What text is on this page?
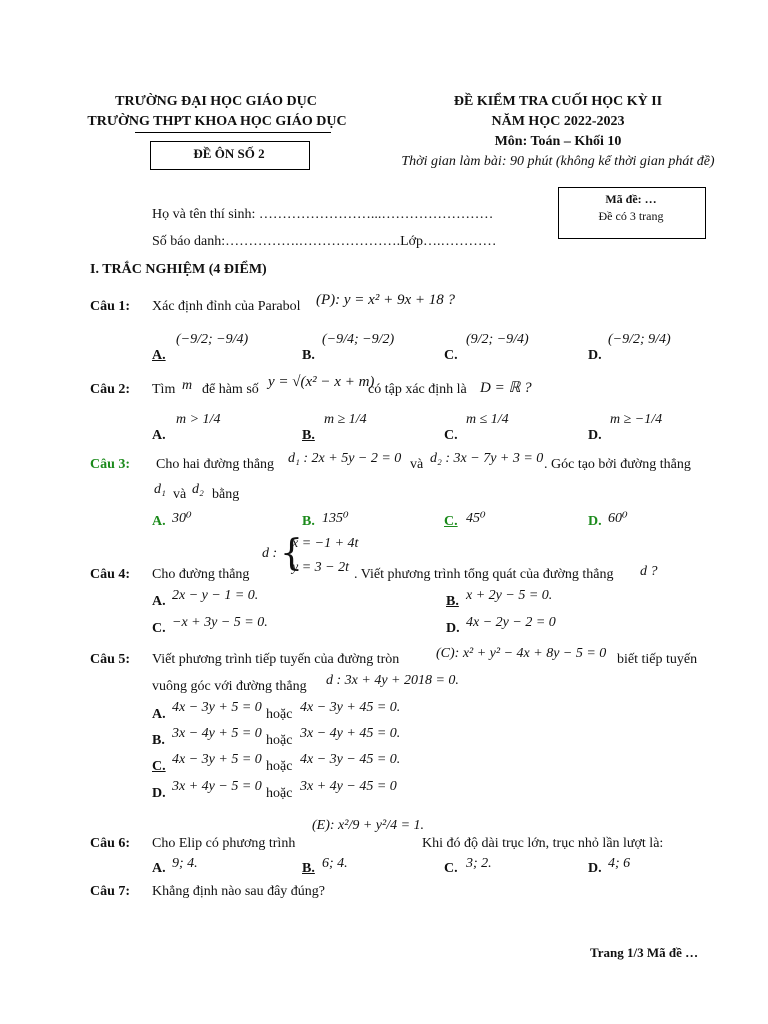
TRƯỜNG ĐẠI HỌC GIÁO DỤC
TRƯỜNG THPT KHOA HỌC GIÁO DỤC
ĐỀ ÔN SỐ 2
ĐỀ KIỂM TRA CUỐI HỌC KỲ II
NĂM HỌC 2022-2023
Môn: Toán – Khối 10
Thời gian làm bài: 90 phút (không kể thời gian phát đề)
Mã đề: …
Đề có 3 trang
Họ và tên thí sinh: ……………………...……………………
Số báo danh:…………….………………….Lớp….…………
I. TRẮC NGHIỆM (4 ĐIỂM)
Câu 1: Xác định đỉnh của Parabol (P): y = x² + 9x + 18 ?
A.
(−9/2; −9/4)
B.
(−9/4; −9/2)
C.
(9/2; −9/4)
D.
(−9/2; 9/4)
Câu 2: Tìm m để hàm số y = √(x² − x + m)
có tập xác định là D = ℝ ?
A.
m > 1/4
B.
m ≥ 1/4
C.
m ≤ 1/4
D.
m ≥ −1/4
Câu 3: Cho hai đường thẳng d₁ : 2x + 5y − 2 = 0 và d₂ : 3x − 7y + 3 = 0 . Góc tạo bởi đường thẳng
d₁ và d₂ bằng
A. 30⁰	B. 135⁰	C. 45⁰	D. 60⁰
Câu 4: Cho đường thẳng
d : {
x = −1 + 4t
y = 3 − 2t . Viết phương trình tổng quát của đường thẳng d ?
A. 2x − y − 1 = 0.	B. x + 2y − 5 = 0.
C. −x + 3y − 5 = 0.	D. 4x − 2y − 2 = 0
Câu 5: Viết phương trình tiếp tuyến của đường tròn	(C): x² + y² − 4x + 8y − 5 = 0 biết tiếp tuyến
vuông góc với đường thẳng d : 3x + 4y + 2018 = 0.
A. 4x − 3y + 5 = 0 hoặc 4x − 3y + 45 = 0.
B. 3x − 4y + 5 = 0 hoặc 3x − 4y + 45 = 0.
C. 4x − 3y + 5 = 0 hoặc 4x − 3y − 45 = 0.
D. 3x + 4y − 5 = 0 hoặc 3x + 4y − 45 = 0
Câu 6: Cho Elip có phương trình
(E): x²/9 + y²/4 = 1.
Khi đó độ dài trục lớn, trục nhỏ lần lượt là:
A. 9; 4.	B. 6; 4.	C. 3; 2.	D. 4; 6
Câu 7: Khẳng định nào sau đây đúng?
Trang 1/3 Mã đề …
